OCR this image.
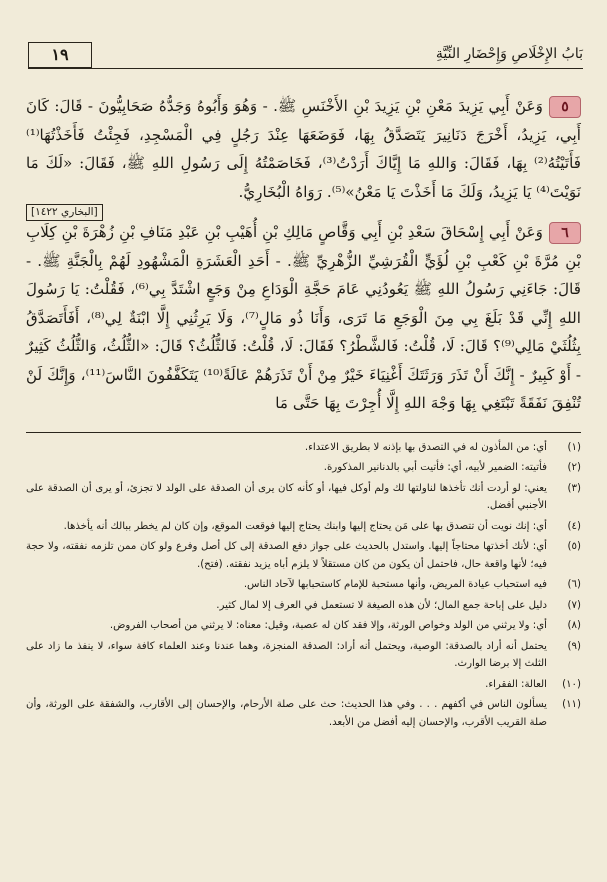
١٩	بَابُ الإِخْلَاصِ وَإِحْضَارِ النِّيَّةِ

٥وَعَنْ أَبِي يَزِيدَ مَعْنِ بْنِ يَزِيدَ بْنِ الأَخْنَسِ ﷺ. - وَهُوَ وَأَبُوهُ وَجَدُّهُ صَحَابِيُّونَ - قَالَ: كَانَ أَبِي، يَزِيدُ، أَخْرَجَ دَنَانِيرَ يَتَصَدَّقُ بِهَا، فَوَضَعَهَا عِنْدَ رَجُلٍ فِي الْمَسْجِدِ، فَجِئْتُ فَأَخَذْتُهَا⁽¹⁾ فَأَتَيْتُهُ⁽²⁾ بِهَا، فَقَالَ: وَاللهِ مَا إِيَّاكَ أَرَدْتُ⁽³⁾، فَخَاصَمْتُهُ إِلَى رَسُولِ اللهِ ﷺ، فَقَالَ: «لَكَ مَا نَوَيْتَ⁽⁴⁾ يَا يَزِيدُ، وَلَكَ مَا أَخَذْتَ يَا مَعْنُ»⁽⁵⁾. رَوَاهُ الْبُخَارِيُّ.
[البخاري ١٤٢٢]

٦وَعَنْ أَبِي إِسْحَاقَ سَعْدِ بْنِ أَبِي وَقَّاصٍ مَالِكِ بْنِ أُهَيْبِ بْنِ عَبْدِ مَنَافِ بْنِ زُهْرَةَ بْنِ كِلَابِ بْنِ مُرَّةَ بْنِ كَعْبِ بْنِ لُؤَيٍّ الْقُرَشِيِّ الزُّهْرِيِّ ﷺ. - أَحَدِ الْعَشَرَةِ الْمَشْهُودِ لَهُمْ بِالْجَنَّةِ ﷺ. - قَالَ: جَاءَنِي رَسُولُ اللهِ ﷺ يَعُودُنِي عَامَ حَجَّةِ الْوَدَاعِ مِنْ وَجَعٍ اشْتَدَّ بِي⁽⁶⁾، فَقُلْتُ: يَا رَسُولَ اللهِ إِنِّي قَدْ بَلَغَ بِي مِنَ الْوَجَعِ مَا تَرَى، وَأَنَا ذُو مَالٍ⁽⁷⁾، وَلَا يَرِثُنِي إِلَّا ابْنَةٌ لِي⁽⁸⁾، أَفَأَتَصَدَّقُ بِثُلُثَيْ مَالِي⁽⁹⁾؟ قَالَ: لَا، قُلْتُ: فَالشَّطْرُ؟ فَقَالَ: لَا، قُلْتُ: فَالثُّلُثُ؟ قَالَ: «الثُّلُثُ، وَالثُّلُثُ كَثِيرٌ - أَوْ كَبِيرٌ - إِنَّكَ أَنْ تَذَرَ وَرَثَتَكَ أَغْنِيَاءَ خَيْرٌ مِنْ أَنْ تَذَرَهُمْ عَالَةً⁽¹⁰⁾ يَتَكَفَّفُونَ النَّاسَ⁽¹¹⁾، وَإِنَّكَ لَنْ تُنْفِقَ نَفَقَةً تَبْتَغِي بِهَا وَجْهَ اللهِ إِلَّا أُجِرْتَ بِهَا حَتَّى مَا

(١)
أي: من المأذون له في التصدق بها بإذنه لا بطريق الاعتداء.
(٢)
فأتيته: الضمير لأبيه، أي: فأتيت أبي بالدنانير المذكورة.
(٣)
يعني: لو أردت أنك تأخذها لناولتها لك ولم أوكل فيها، أو كأنه كان يرى أن الصدقة على الولد لا تجزئ، أو يرى أن الصدقة على الأجنبي أفضل.
(٤)
أي: إنك نويت أن تتصدق بها على مَن يحتاج إليها وابنك يحتاج إليها فوقعت الموقع، وإن كان لم يخطر ببالك أنه يأخذها.
(٥)
أي: لأنك أخذتها محتاجاً إليها. واستدل بالحديث على جواز دفع الصدقة إلى كل أصل وفرع ولو كان ممن تلزمه نفقته، ولا حجة فيه؛ لأنها واقعة حال، فاحتمل أن يكون من كان مستقلاً لا يلزم أباه يزيد نفقته. (فتح).
(٦)
فيه استحباب عيادة المريض، وأنها مستحبة للإمام كاستحبابها لآحاد الناس.
(٧)
دليل على إباحة جمع المال؛ لأن هذه الصيغة لا تستعمل في العرف إلا لمال كثير.
(٨)
أي: ولا يرثني من الولد وخواص الورثة، وإلا فقد كان له عصبة، وقيل: معناه: لا يرثني من أصحاب الفروض.
(٩)
يحتمل أنه أراد بالصدقة: الوصية، ويحتمل أنه أراد: الصدقة المنجزة، وهما عندنا وعند العلماء كافة سواء، لا ينفذ ما زاد على الثلث إلا برضا الوارث.
(١٠)
العالة: الفقراء.
(١١)
يسألون الناس في أكفهم . . . وفي هذا الحديث: حث على صلة الأرحام، والإحسان إلى الأقارب، والشفقة على الورثة، وأن صلة القريب الأقرب، والإحسان إليه أفضل من الأبعد.
